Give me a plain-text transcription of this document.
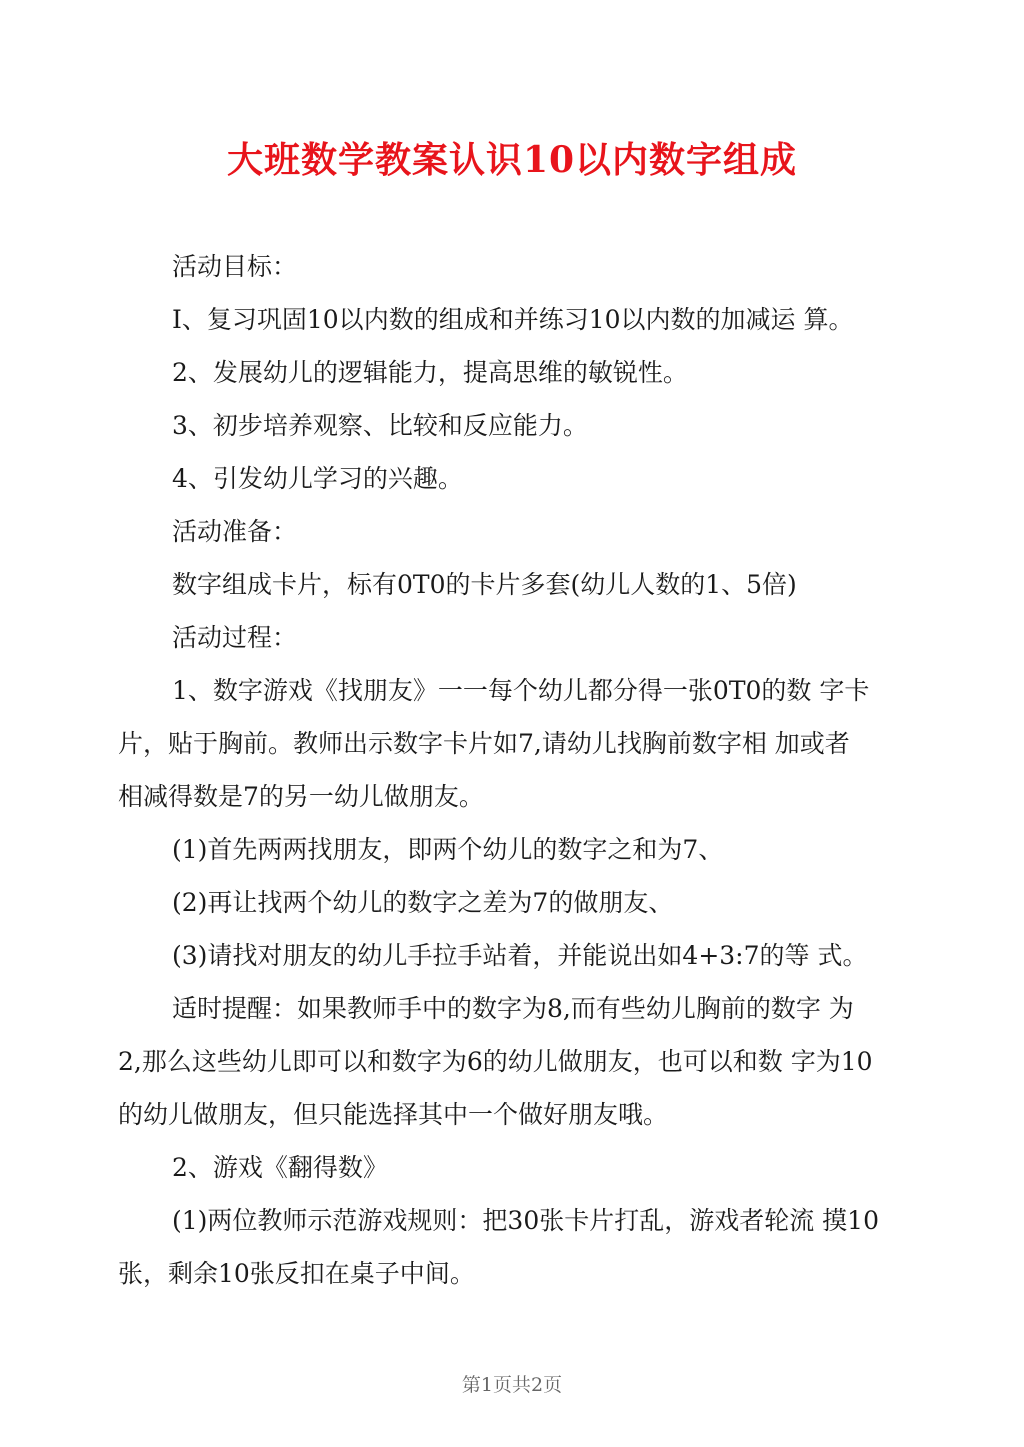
大班数学教案认识10以内数字组成

活动目标：

I、复习巩固10以内数的组成和并练习10以内数的加减运 算。

2、发展幼儿的逻辑能力，提高思维的敏锐性。

3、初步培养观察、比较和反应能力。

4、引发幼儿学习的兴趣。

活动准备：

数字组成卡片，标有0T0的卡片多套(幼儿人数的1、5倍)

活动过程：

1、数字游戏《找朋友》一一每个幼儿都分得一张0T0的数 字卡

片，贴于胸前。教师出示数字卡片如7,请幼儿找胸前数字相 加或者

相减得数是7的另一幼儿做朋友。

(1)首先两两找朋友，即两个幼儿的数字之和为7、

(2)再让找两个幼儿的数字之差为7的做朋友、

(3)请找对朋友的幼儿手拉手站着，并能说出如4+3:7的等 式。

适时提醒：如果教师手中的数字为8,而有些幼儿胸前的数字 为

2,那么这些幼儿即可以和数字为6的幼儿做朋友，也可以和数 字为10

的幼儿做朋友，但只能选择其中一个做好朋友哦。

2、游戏《翻得数》

(1)两位教师示范游戏规则：把30张卡片打乱，游戏者轮流 摸10

张，剩余10张反扣在桌子中间。

第1页共2页
